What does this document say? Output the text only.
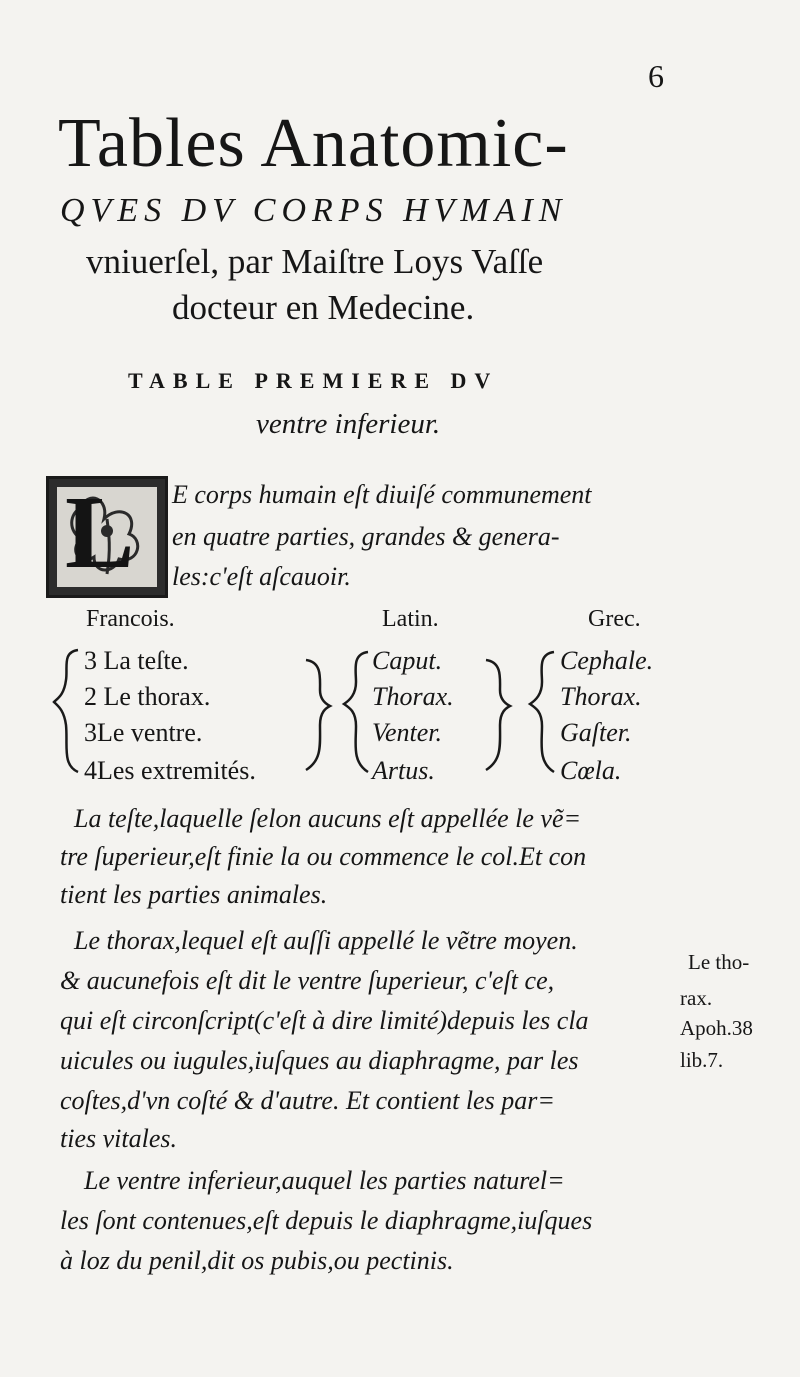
6
Tables Anatomic-
QVES DV CORPS HVMAIN
vniuerſel, par Maiſtre Loys Vaſſe
docteur en Medecine.
TABLE PREMIERE DV
ventre inferieur.
L E corps humain eſt diuiſé communement
en quatre parties, grandes & genera-
les:c'eſt aſcauoir.
Francois.	Latin.	Grec.
3 La teſte.
2 Le thorax.
3Le ventre.
4Les extremités.
Caput.
Thorax.
Venter.
Artus.
Cephale.
Thorax.
Gaſter.
Cœla.
La teſte,laquelle ſelon aucuns eſt appellée le vẽ=
tre ſuperieur,eſt finie la ou commence le col.Et con
tient les parties animales.
Le thorax,lequel eſt auſſi appellé le vẽtre moyen.
& aucunefois eſt dit le ventre ſuperieur, c'eſt ce,
qui eſt circonſcript(c'eſt à dire limité)depuis les cla
uicules ou iugules,iuſques au diaphragme, par les
coſtes,d'vn coſté & d'autre. Et contient les par=
ties vitales.
Le ventre inferieur,auquel les parties naturel=
les ſont contenues,eſt depuis le diaphragme,iuſques
à loz du penil,dit os pubis,ou pectinis.
Le tho-
rax.
Apoh.38
lib.7.
